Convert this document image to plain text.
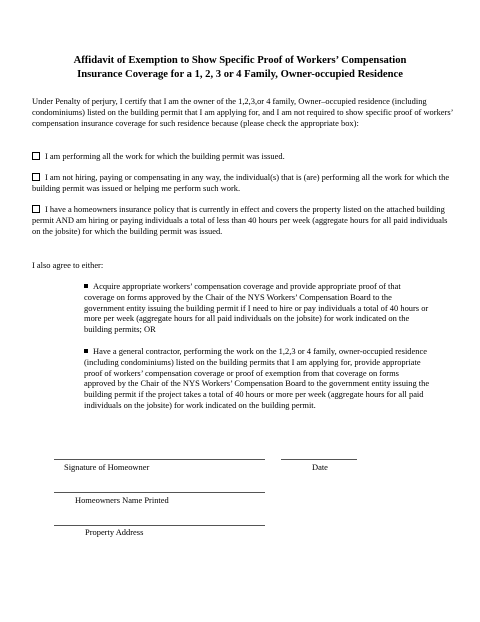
Affidavit of Exemption to Show Specific Proof of Workers’ Compensation
Insurance Coverage for a 1, 2, 3 or 4 Family, Owner-occupied Residence
Under Penalty of perjury, I certify that I am the owner of the 1,2,3,or 4 family, Owner–occupied residence (including condominiums) listed on the building permit that I am applying for, and I am not required to show specific proof of workers’ compensation insurance coverage for such residence because (please check the appropriate box):
I am performing all the work for which the building permit was issued.
I am not hiring, paying or compensating in any way, the individual(s) that is (are) performing all the work for which the building permit was issued or helping me perform such work.
I have a homeowners insurance policy that is currently in effect and covers the property listed on the attached building permit AND am hiring or paying individuals a total of less than 40 hours per week (aggregate hours for all paid individuals on the jobsite) for which the building permit was issued.
I also agree to either:
Acquire appropriate workers’ compensation coverage and provide appropriate proof of that coverage on forms approved by the Chair of the NYS Workers’ Compensation Board to the government entity issuing the building permit if I need to hire or pay individuals a total of 40 hours or more per week (aggregate hours for all paid individuals on the jobsite) for work indicated on the building permits; OR
Have a general contractor, performing the work on the 1,2,3 or 4 family, owner-occupied residence (including condominiums) listed on the building permits that I am applying for, provide appropriate proof of workers’ compensation coverage or proof of exemption from that coverage on forms approved by the Chair of the NYS Workers’ Compensation Board to the government entity issuing the building permit if the project takes a total of 40 hours or more per week (aggregate hours for all paid individuals on the jobsite) for work indicated on the building permit.
Signature of Homeowner	Date
Homeowners Name Printed
Property Address
